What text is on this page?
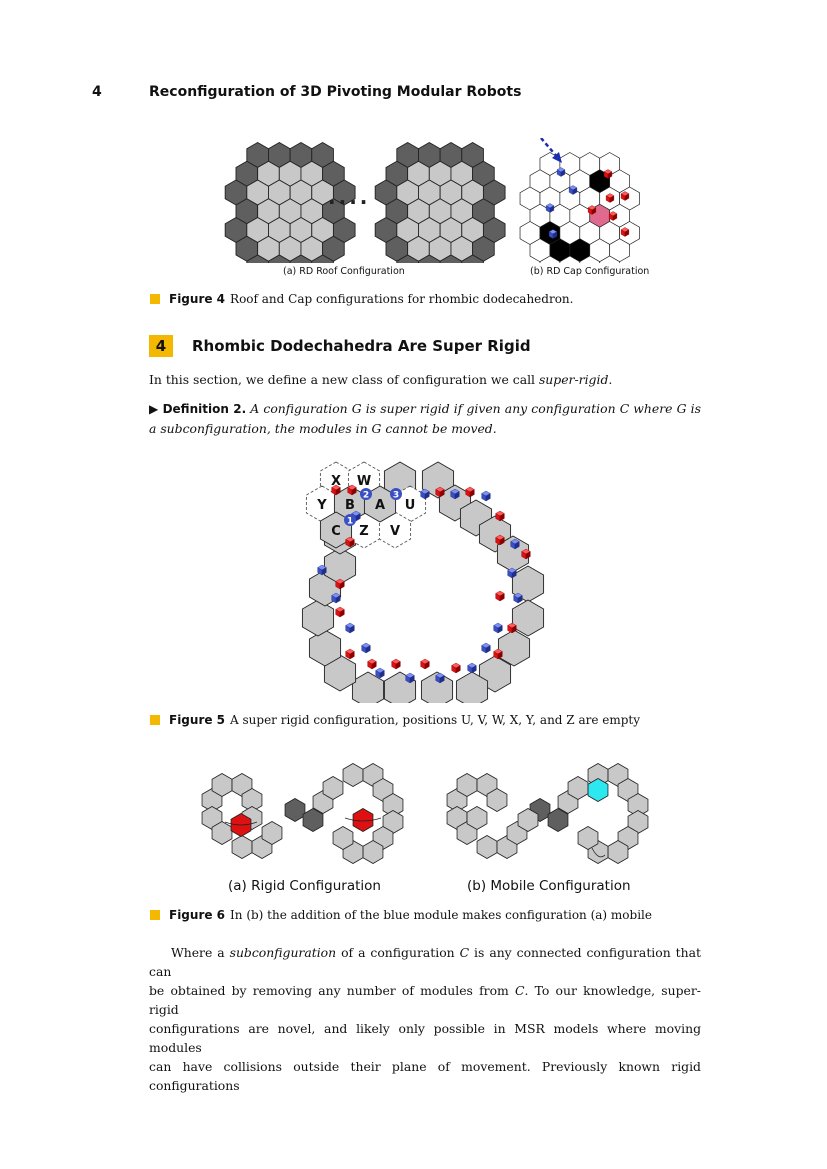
4	Reconfiguration of 3D Pivoting Modular Robots
....
(a) RD Roof Configuration	(b) RD Cap Configuration
Figure 4 Roof and Cap configurations for rhombic dodecahedron.
4	Rhombic Dodechahedra Are Super Rigid
In this section, we define a new class of configuration we call super-rigid.
▶ Definition 2. A configuration G is super rigid if given any configuration C where G is a subconfiguration, the modules in G cannot be moved.
1
2	3
X W
Y B A U
C Z V
Figure 5 A super rigid configuration, positions U, V, W, X, Y, and Z are empty
(a) Rigid Configuration	(b) Mobile Configuration
Figure 6 In (b) the addition of the blue module makes configuration (a) mobile
Where a subconfiguration of a configuration C is any connected configuration that can
be obtained by removing any number of modules from C. To our knowledge, super-rigid
configurations are novel, and likely only possible in MSR models where moving modules
can have collisions outside their plane of movement. Previously known rigid configurations
